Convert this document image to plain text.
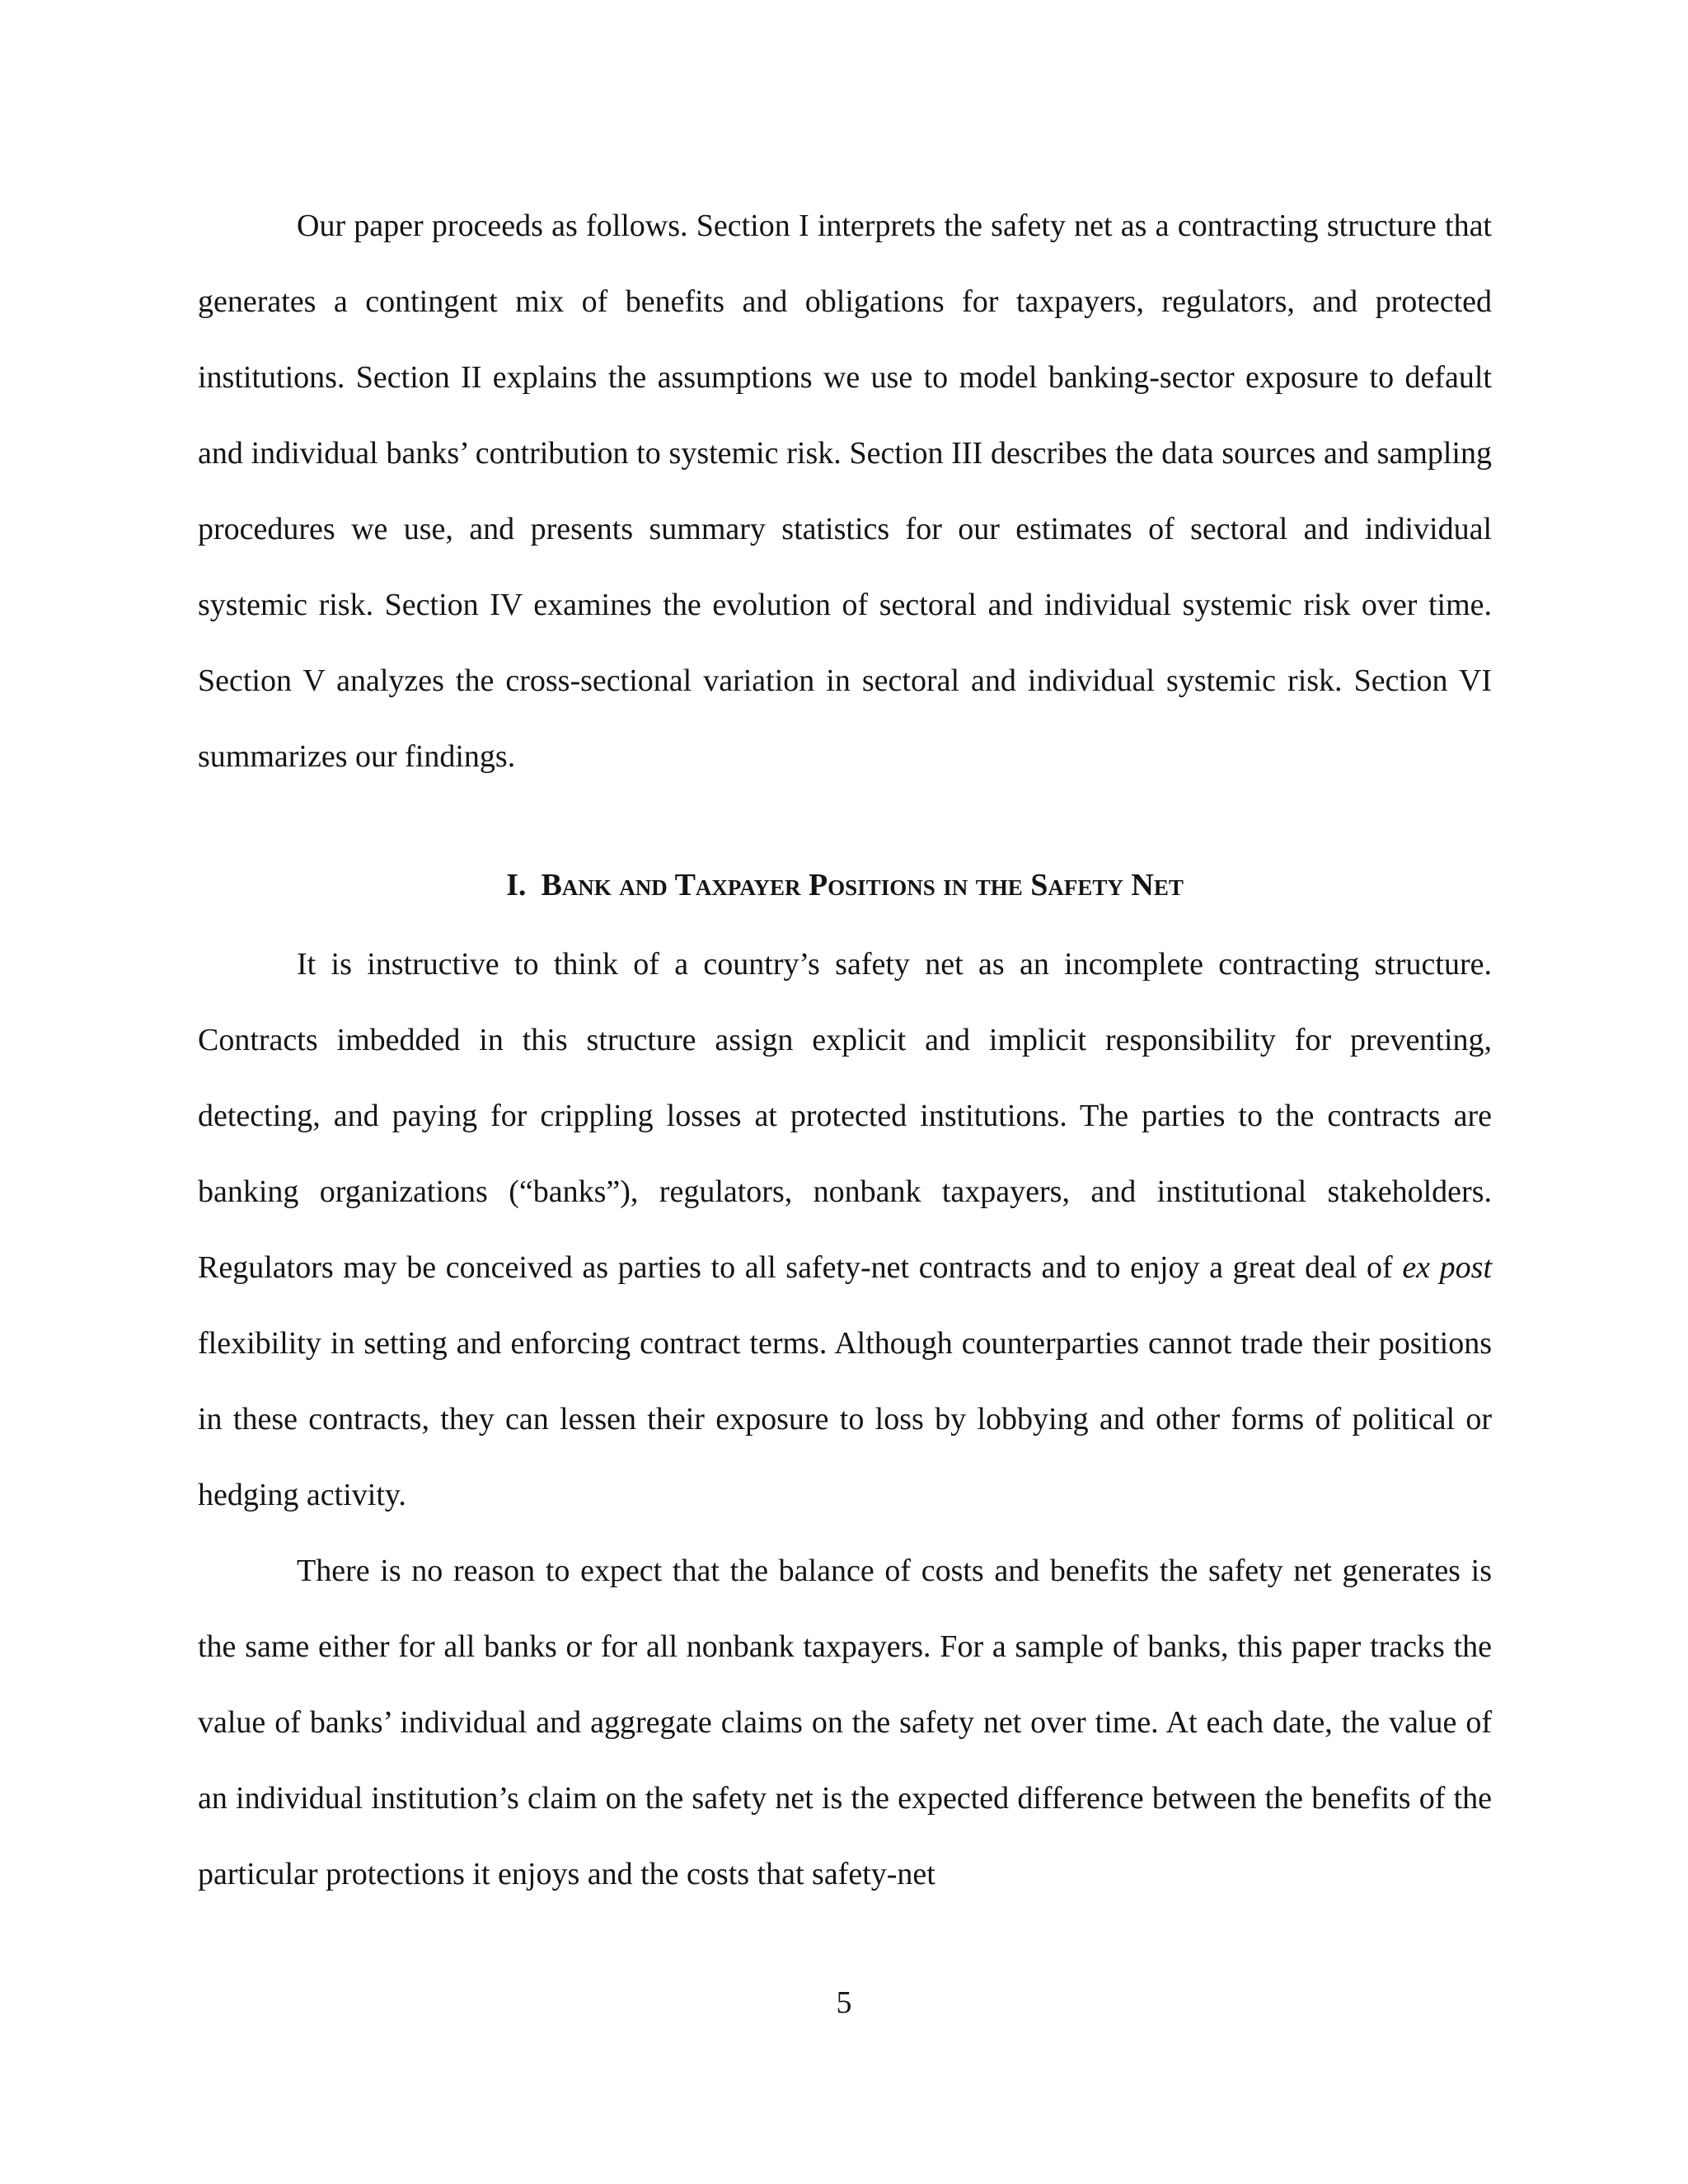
Our paper proceeds as follows. Section I interprets the safety net as a contracting structure that generates a contingent mix of benefits and obligations for taxpayers, regulators, and protected institutions. Section II explains the assumptions we use to model banking-sector exposure to default and individual banks’ contribution to systemic risk. Section III describes the data sources and sampling procedures we use, and presents summary statistics for our estimates of sectoral and individual systemic risk. Section IV examines the evolution of sectoral and individual systemic risk over time. Section V analyzes the cross-sectional variation in sectoral and individual systemic risk. Section VI summarizes our findings.

I. Bank and Taxpayer Positions in the Safety Net

It is instructive to think of a country’s safety net as an incomplete contracting structure. Contracts imbedded in this structure assign explicit and implicit responsibility for preventing, detecting, and paying for crippling losses at protected institutions. The parties to the contracts are banking organizations (“banks”), regulators, nonbank taxpayers, and institutional stakeholders. Regulators may be conceived as parties to all safety-net contracts and to enjoy a great deal of ex post flexibility in setting and enforcing contract terms. Although counterparties cannot trade their positions in these contracts, they can lessen their exposure to loss by lobbying and other forms of political or hedging activity.

There is no reason to expect that the balance of costs and benefits the safety net generates is the same either for all banks or for all nonbank taxpayers. For a sample of banks, this paper tracks the value of banks’ individual and aggregate claims on the safety net over time. At each date, the value of an individual institution’s claim on the safety net is the expected difference between the benefits of the particular protections it enjoys and the costs that safety-net

5
